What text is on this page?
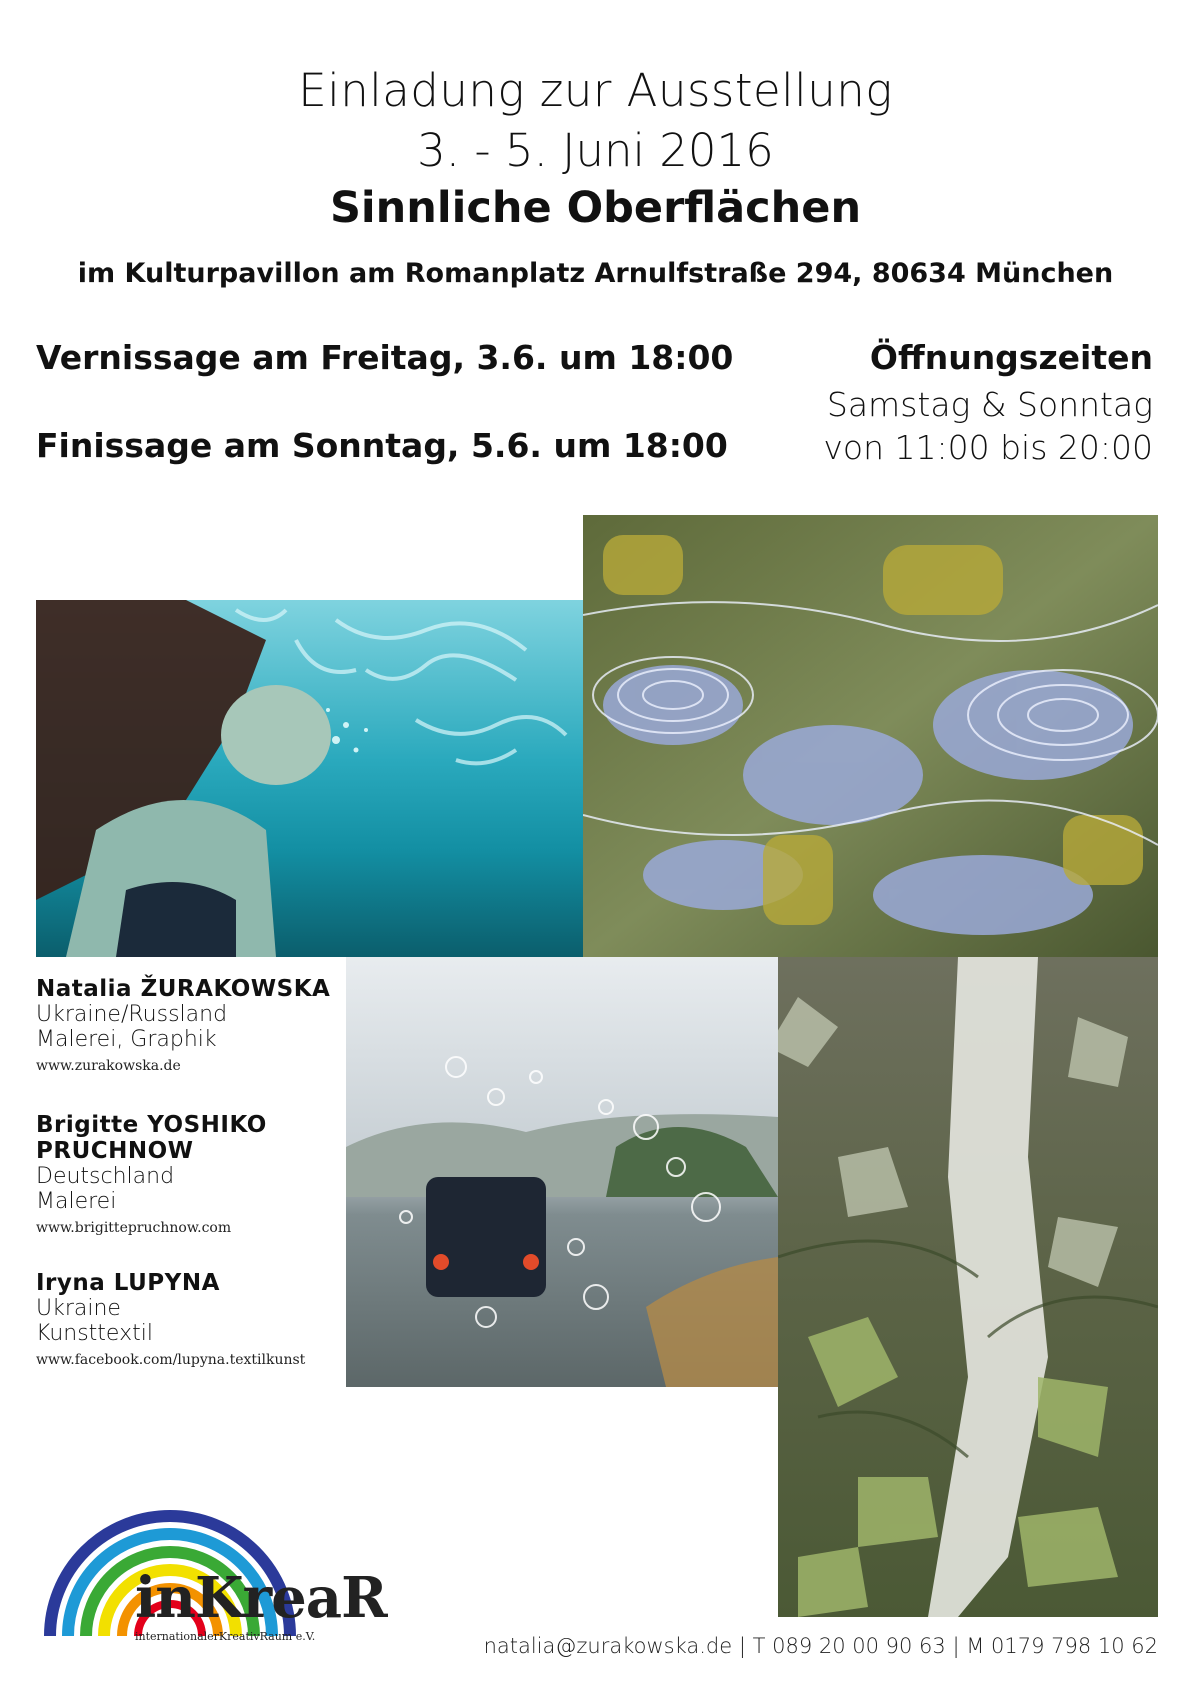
Einladung zur Ausstellung
3. - 5. Juni 2016
Sinnliche Oberflächen
im Kulturpavillon am Romanplatz Arnulfstraße 294, 80634 München
Vernissage am Freitag, 3.6. um 18:00
Finissage am Sonntag, 5.6. um 18:00
Öffnungszeiten
Samstag & Sonntag
von 11:00 bis 20:00
Natalia ŽURAKOWSKA
Ukraine/Russland
Malerei, Graphik
www.zurakowska.de
Brigitte YOSHIKO
PRUCHNOW
Deutschland
Malerei
www.brigittepruchnow.com
Iryna LUPYNA
Ukraine
Kunsttextil
www.facebook.com/lupyna.textilkunst
inKreaR
internationalerKreativRaum e.V.	natalia@zurakowska.de | T 089 20 00 90 63 | M 0179 798 10 62
